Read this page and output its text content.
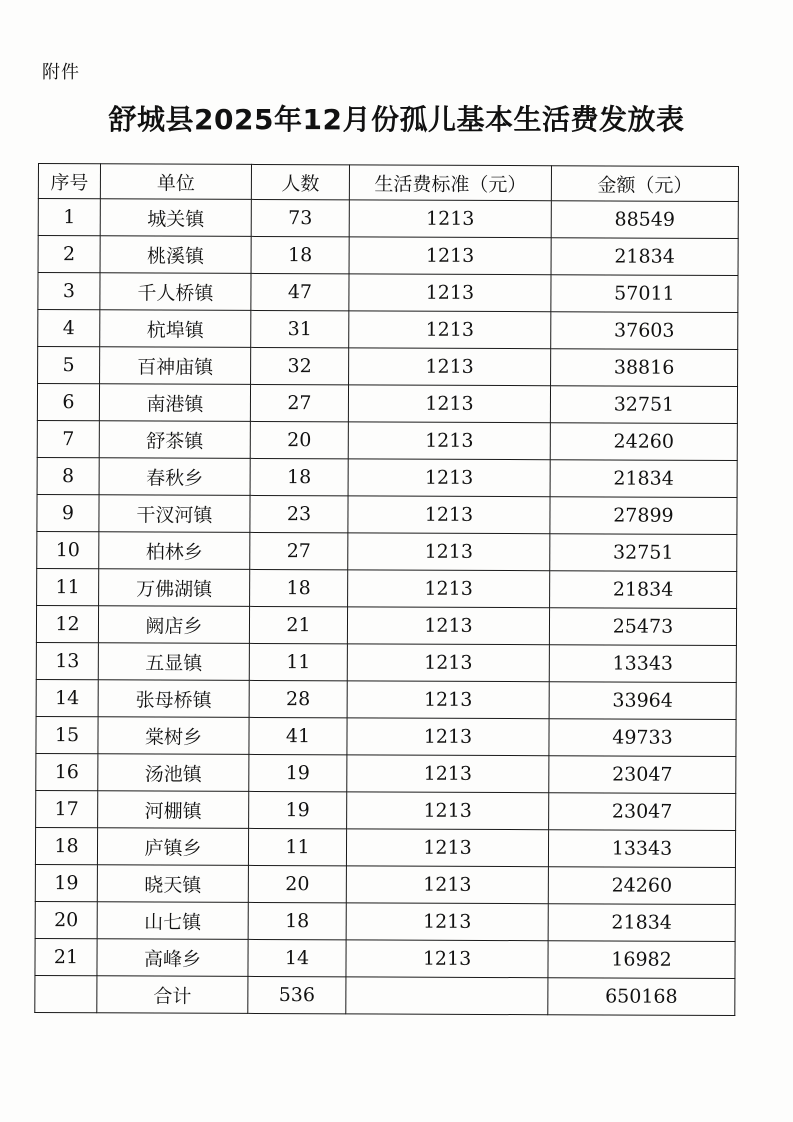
附件
舒城县2025年12月份孤儿基本生活费发放表
序号	单位	人数	生活费标准（元）	金额（元）
1	城关镇	73	1213	88549
2	桃溪镇	18	1213	21834
3	千人桥镇	47	1213	57011
4	杭埠镇	31	1213	37603
5	百神庙镇	32	1213	38816
6	南港镇	27	1213	32751
7	舒茶镇	20	1213	24260
8	春秋乡	18	1213	21834
9	干汊河镇	23	1213	27899
10	柏林乡	27	1213	32751
11	万佛湖镇	18	1213	21834
12	阙店乡	21	1213	25473
13	五显镇	11	1213	13343
14	张母桥镇	28	1213	33964
15	棠树乡	41	1213	49733
16	汤池镇	19	1213	23047
17	河棚镇	19	1213	23047
18	庐镇乡	11	1213	13343
19	晓天镇	20	1213	24260
20	山七镇	18	1213	21834
21	高峰乡	14	1213	16982
	合计	536		650168
